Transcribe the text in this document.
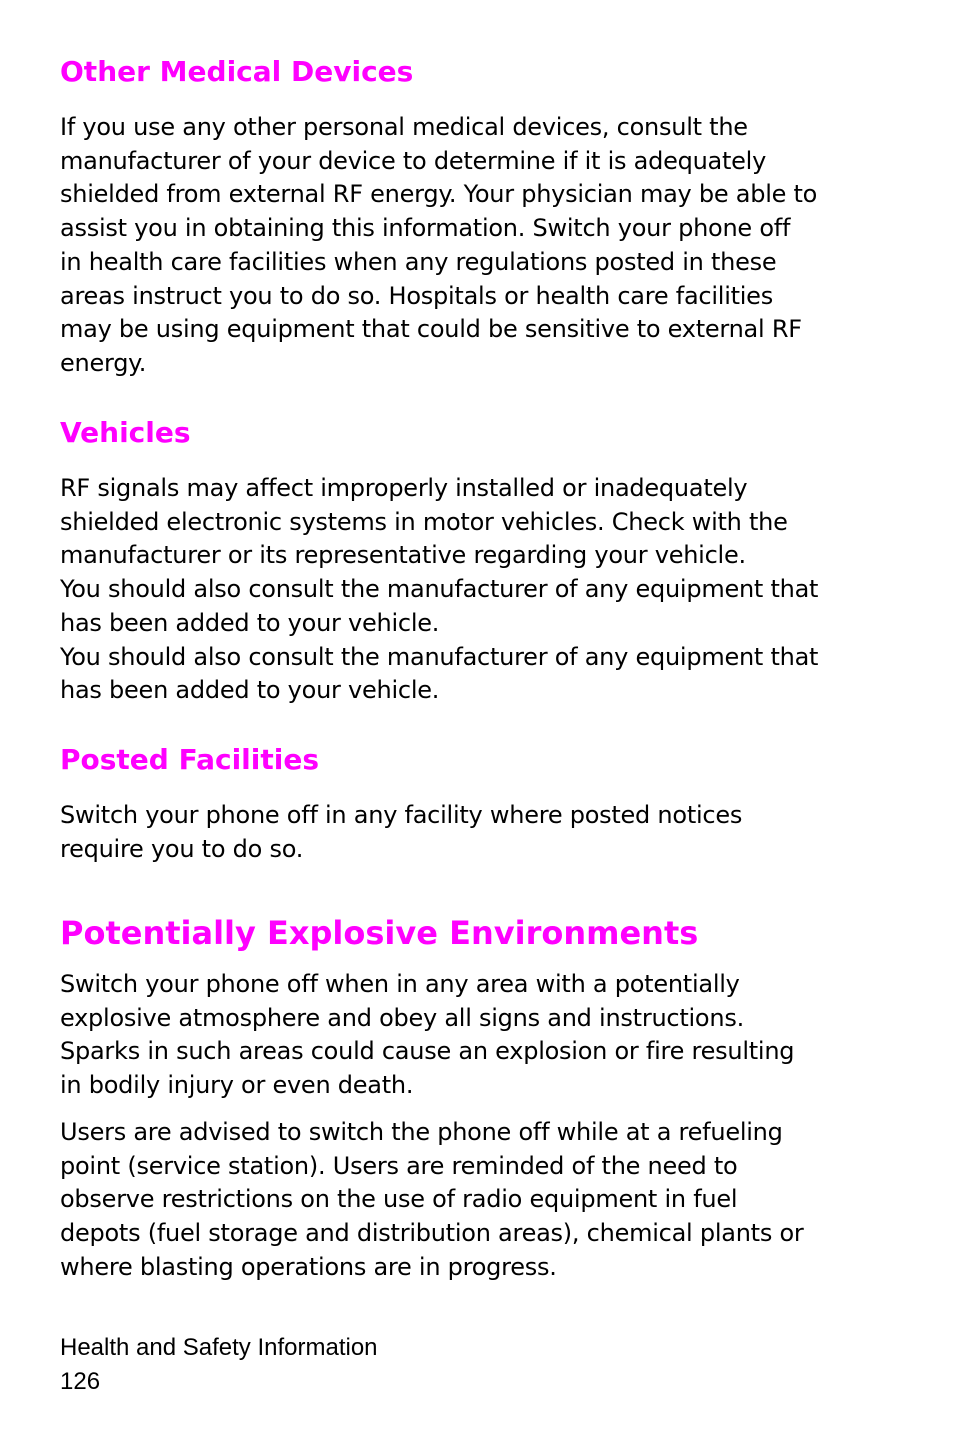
Other Medical Devices
If you use any other personal medical devices, consult the
manufacturer of your device to determine if it is adequately
shielded from external RF energy. Your physician may be able to
assist you in obtaining this information. Switch your phone off
in health care facilities when any regulations posted in these
areas instruct you to do so. Hospitals or health care facilities
may be using equipment that could be sensitive to external RF
energy.
Vehicles
RF signals may affect improperly installed or inadequately
shielded electronic systems in motor vehicles. Check with the
manufacturer or its representative regarding your vehicle.
You should also consult the manufacturer of any equipment that
has been added to your vehicle.
You should also consult the manufacturer of any equipment that
has been added to your vehicle.
Posted Facilities
Switch your phone off in any facility where posted notices
require you to do so.
Potentially Explosive Environments
Switch your phone off when in any area with a potentially
explosive atmosphere and obey all signs and instructions.
Sparks in such areas could cause an explosion or fire resulting
in bodily injury or even death.
Users are advised to switch the phone off while at a refueling
point (service station). Users are reminded of the need to
observe restrictions on the use of radio equipment in fuel
depots (fuel storage and distribution areas), chemical plants or
where blasting operations are in progress.
Health and Safety Information
126
